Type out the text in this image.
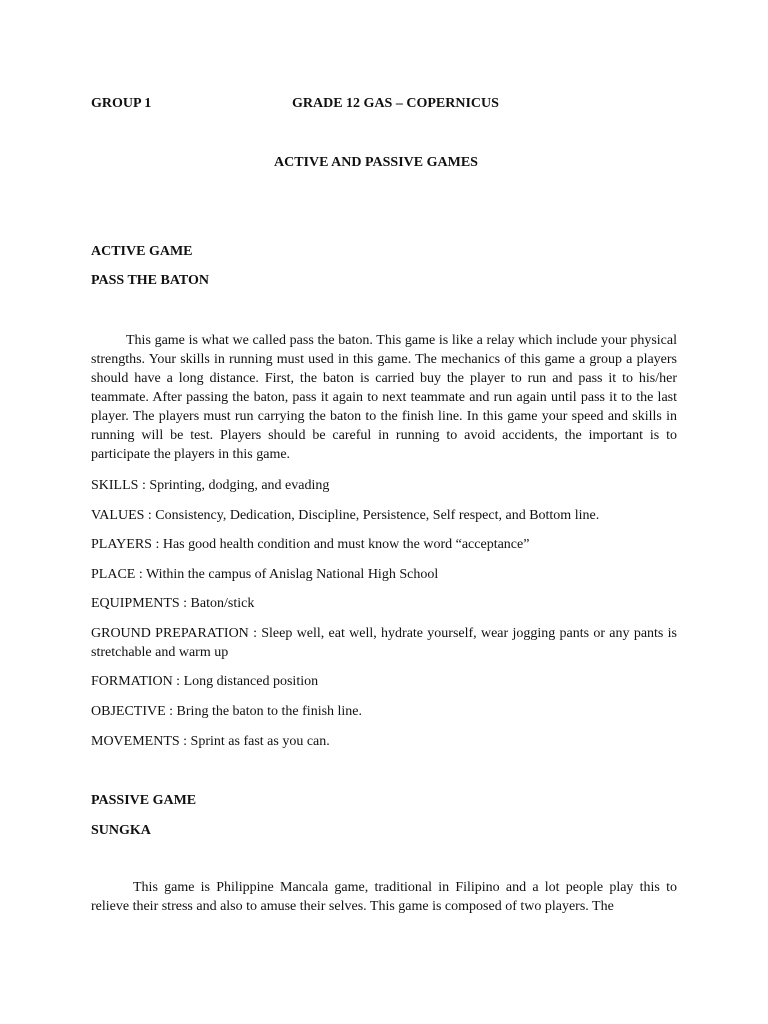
GROUP 1	GRADE 12 GAS – COPERNICUS
ACTIVE AND PASSIVE GAMES
ACTIVE GAME
PASS THE BATON

This game is what we called pass the baton. This game is like a relay which include your physical strengths. Your skills in running must used in this game. The mechanics of this game a group a players should have a long distance. First, the baton is carried buy the player to run and pass it to his/her teammate. After passing the baton, pass it again to next teammate and run again until pass it to the last player. The players must run carrying the baton to the finish line. In this game your speed and skills in running will be test. Players should be careful in running to avoid accidents, the important is to participate the players in this game.

SKILLS : Sprinting, dodging, and evading

VALUES : Consistency, Dedication, Discipline, Persistence, Self respect, and Bottom line.

PLAYERS : Has good health condition and must know the word “acceptance”

PLACE : Within the campus of Anislag National High School

EQUIPMENTS : Baton/stick

GROUND PREPARATION : Sleep well, eat well, hydrate yourself, wear jogging pants or any pants is stretchable and warm up

FORMATION : Long distanced position

OBJECTIVE : Bring the baton to the finish line.

MOVEMENTS : Sprint as fast as you can.

PASSIVE GAME
SUNGKA

This game is Philippine Mancala game, traditional in Filipino and a lot people play this to relieve their stress and also to amuse their selves. This game is composed of two players. The
